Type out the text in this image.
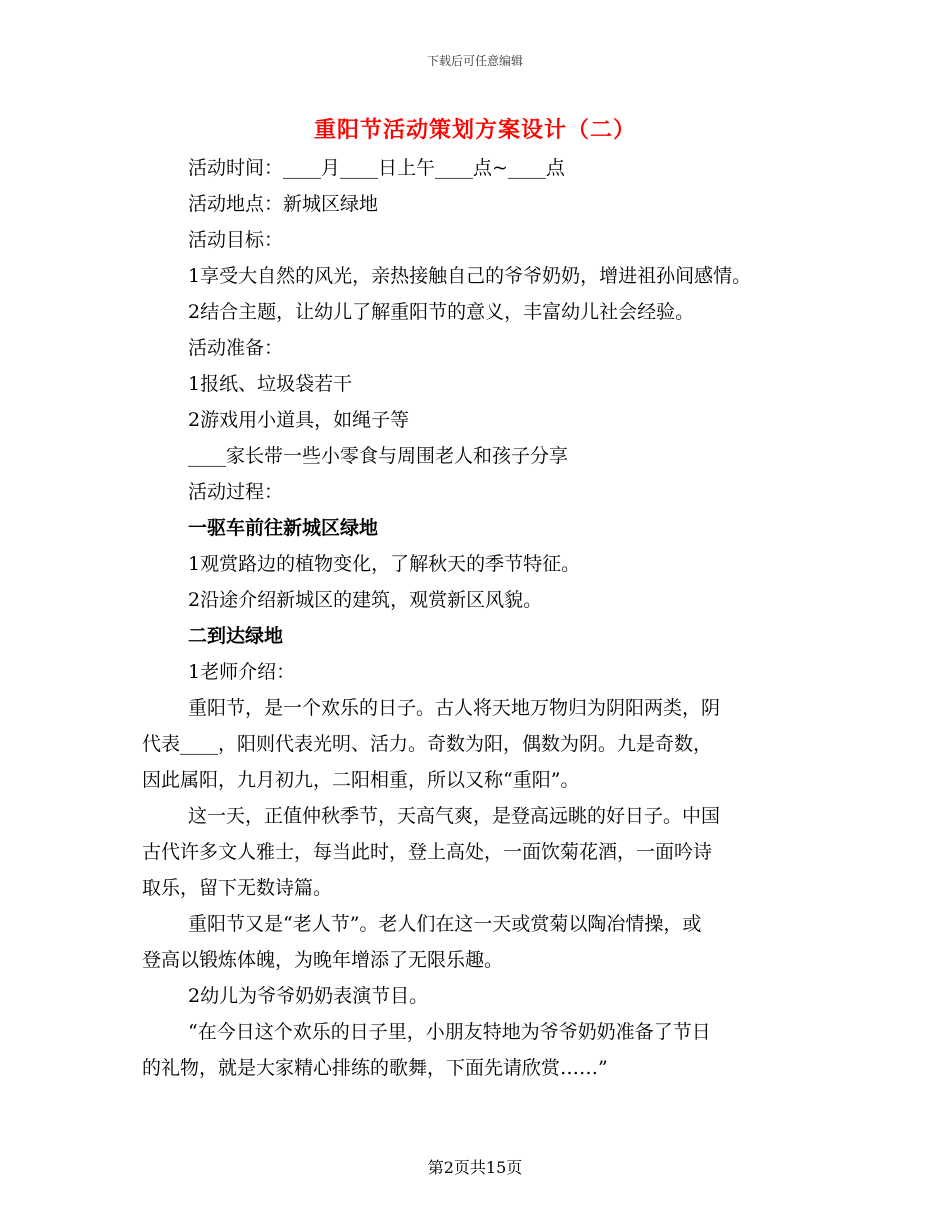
下载后可任意编辑
重阳节活动策划方案设计（二）
活动时间：____月____日上午____点~____点
活动地点：新城区绿地
活动目标：
1享受大自然的风光，亲热接触自己的爷爷奶奶，增进祖孙间感情。
2结合主题，让幼儿了解重阳节的意义，丰富幼儿社会经验。
活动准备：
1报纸、垃圾袋若干
2游戏用小道具，如绳子等
____家长带一些小零食与周围老人和孩子分享
活动过程：
一驱车前往新城区绿地
1观赏路边的植物变化，了解秋天的季节特征。
2沿途介绍新城区的建筑，观赏新区风貌。
二到达绿地
1老师介绍：
重阳节，是一个欢乐的日子。古人将天地万物归为阴阳两类，阴
代表____，阳则代表光明、活力。奇数为阳，偶数为阴。九是奇数，
因此属阳，九月初九，二阳相重，所以又称“重阳”。
这一天，正值仲秋季节，天高气爽，是登高远眺的好日子。中国
古代许多文人雅士，每当此时，登上高处，一面饮菊花酒，一面吟诗
取乐，留下无数诗篇。
重阳节又是“老人节”。老人们在这一天或赏菊以陶冶情操，或
登高以锻炼体魄，为晚年增添了无限乐趣。
2幼儿为爷爷奶奶表演节目。
“在今日这个欢乐的日子里，小朋友特地为爷爷奶奶准备了节日
的礼物，就是大家精心排练的歌舞，下面先请欣赏……”
第2页共15页
